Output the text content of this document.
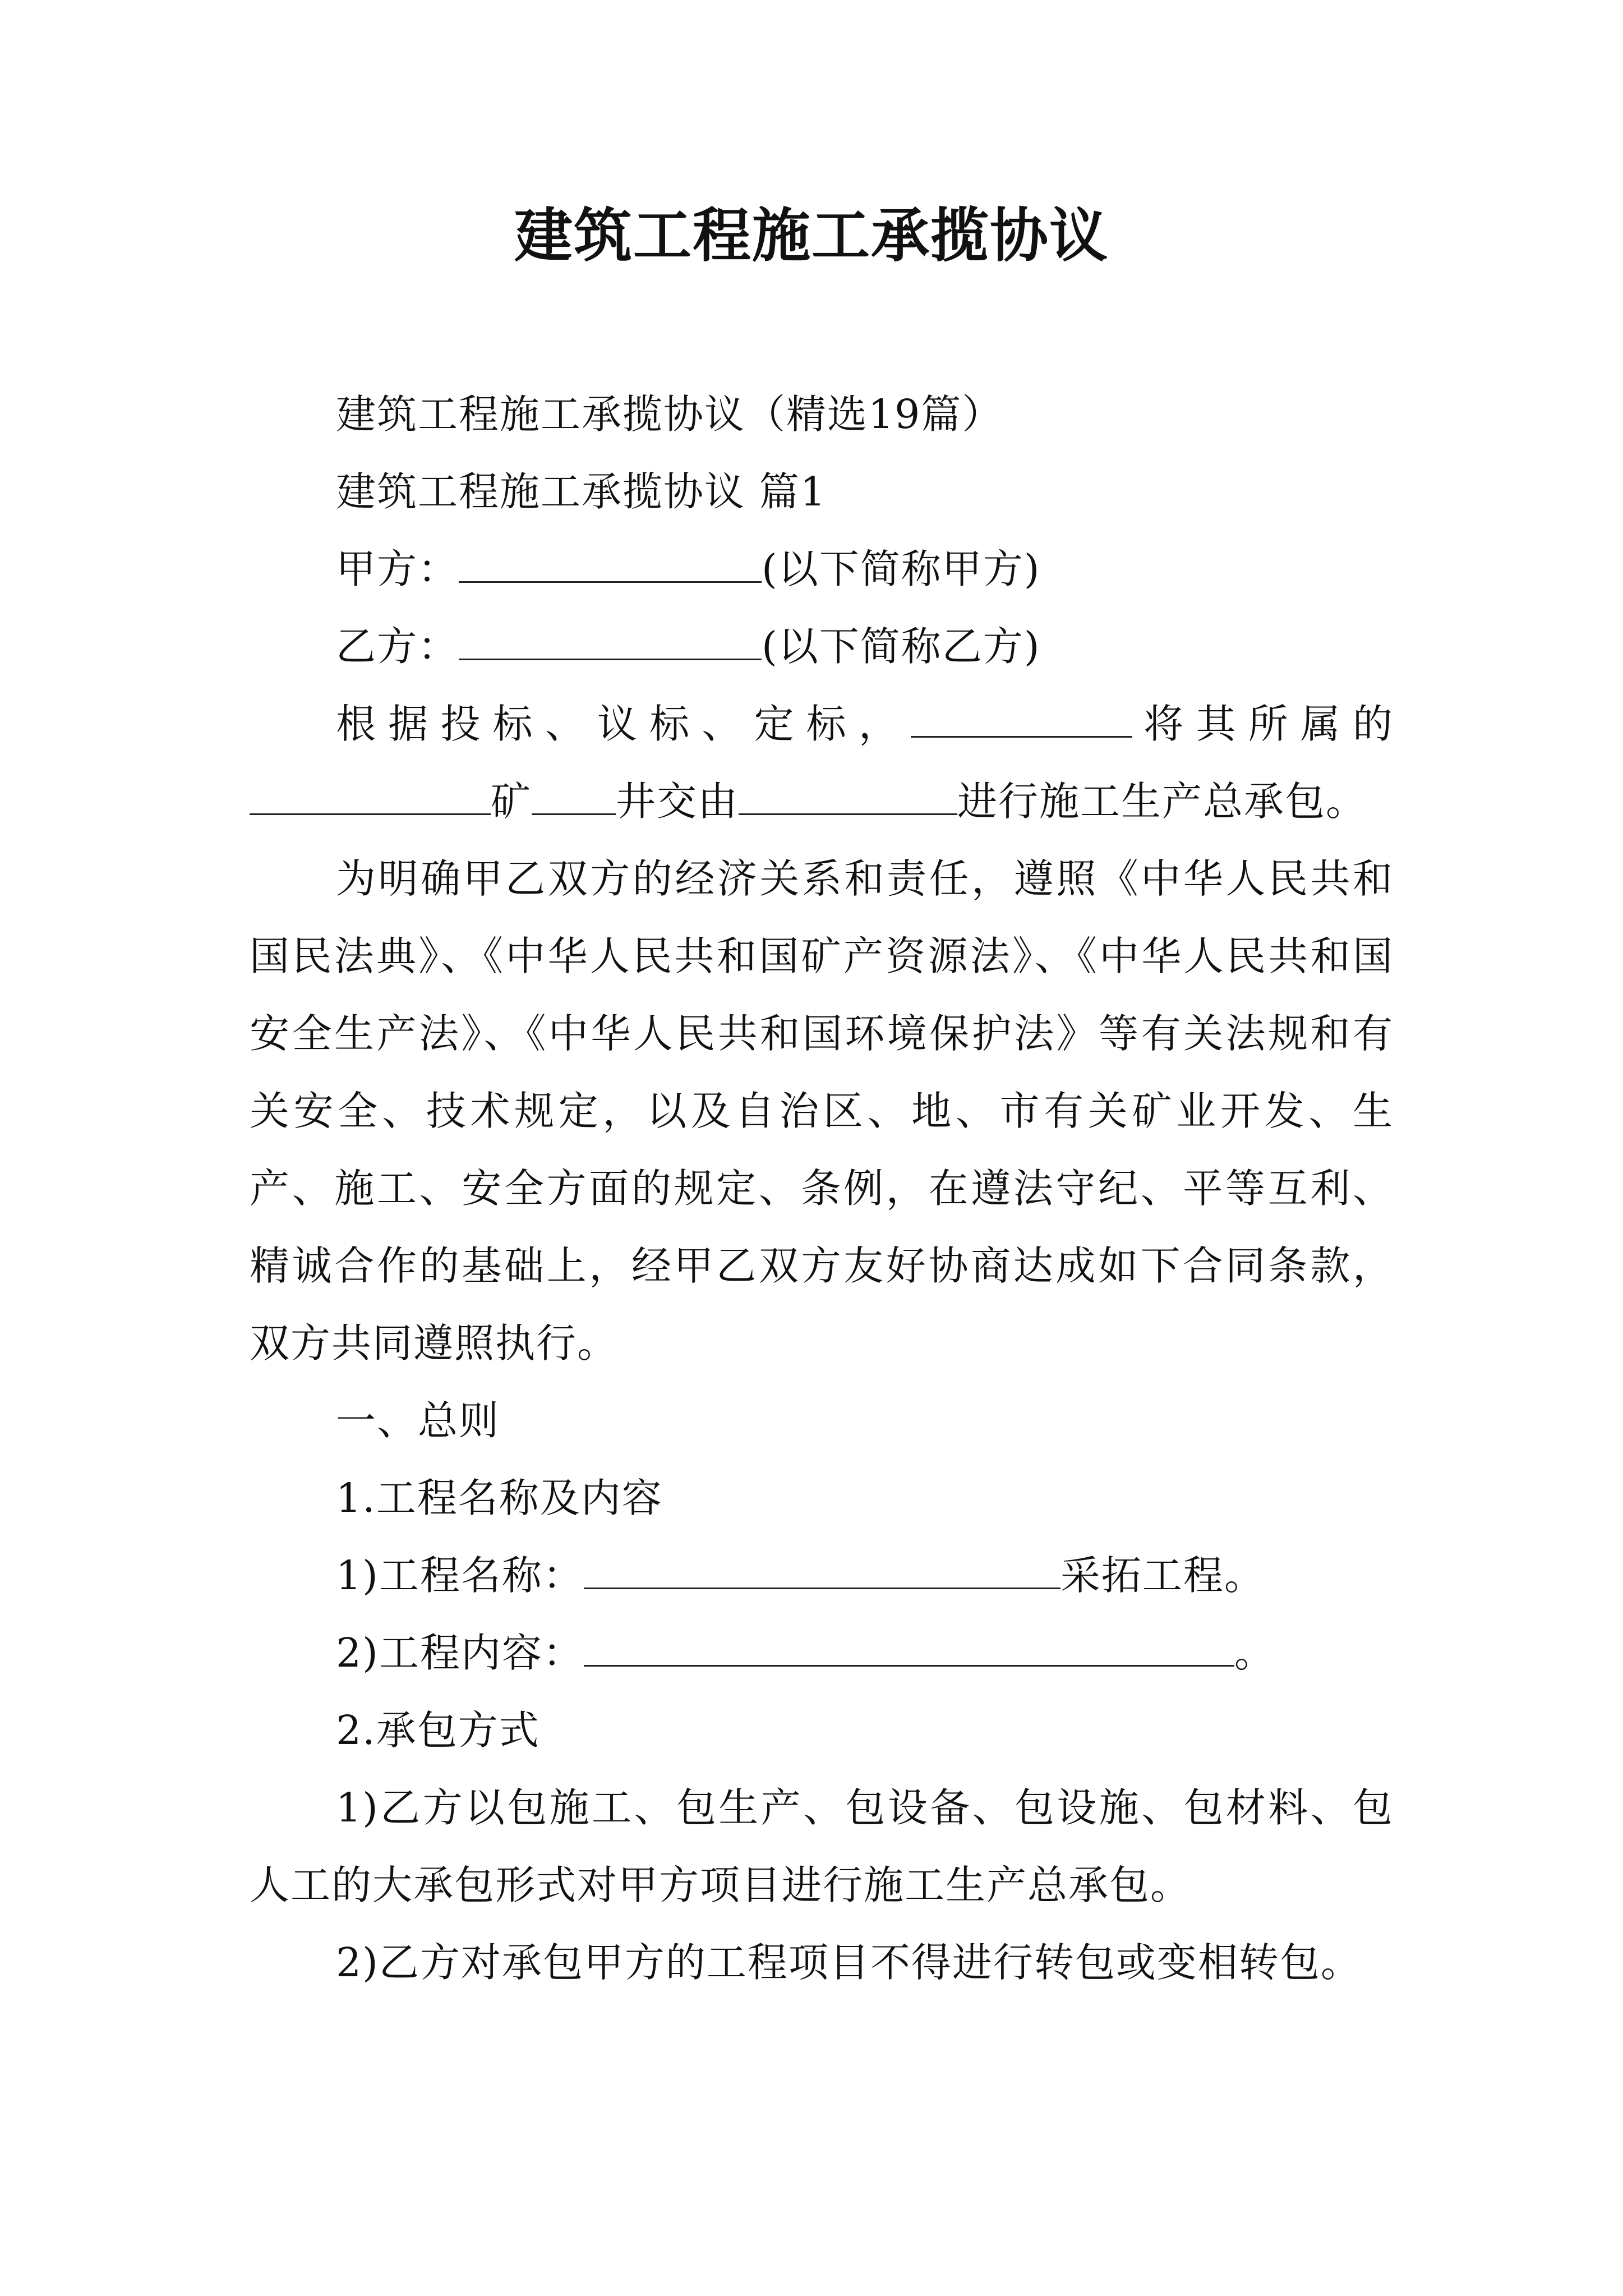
建筑工程施工承揽协议

建筑工程施工承揽协议（精选19篇）

建筑工程施工承揽协议 篇1

甲方：	(以下简称甲方)

乙方：	(以下简称乙方)

根据投标、议标、定标，	将其所属的矿 井交由	进行施工生产总承包。

为明确甲乙双方的经济关系和责任，遵照《中华人民共和国民法典》、《中华人民共和国矿产资源法》、《中华人民共和国安全生产法》、《中华人民共和国环境保护法》等有关法规和有关安全、技术规定，以及自治区、地、市有关矿业开发、生产、施工、安全方面的规定、条例，在遵法守纪、平等互利、精诚合作的基础上，经甲乙双方友好协商达成如下合同条款，双方共同遵照执行。

一、总则

1.工程名称及内容

1)工程名称：	采拓工程。

2)工程内容：	。

2.承包方式

1)乙方以包施工、包生产、包设备、包设施、包材料、包人工的大承包形式对甲方项目进行施工生产总承包。

2)乙方对承包甲方的工程项目不得进行转包或变相转包。
